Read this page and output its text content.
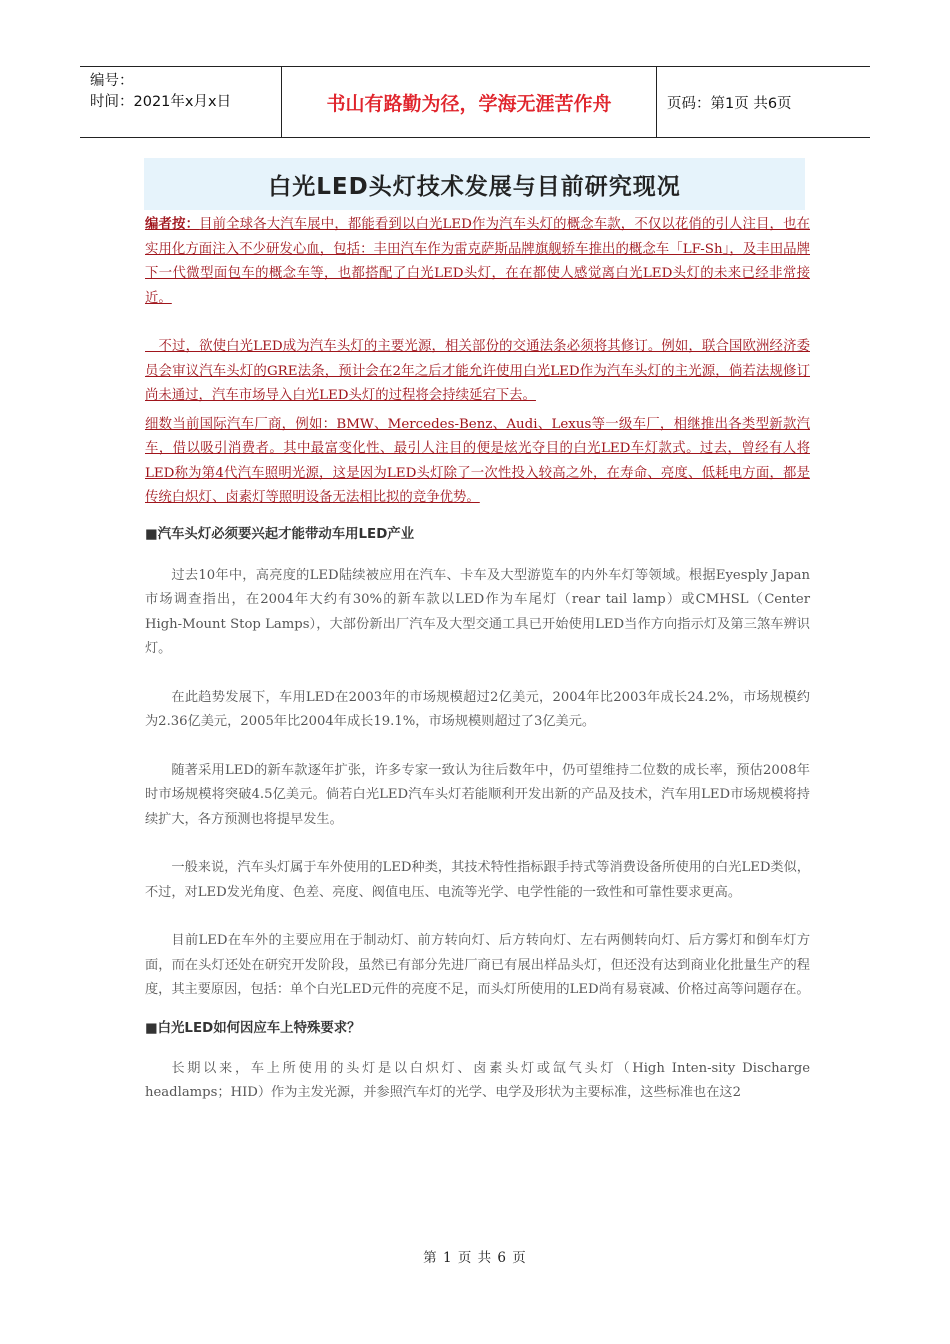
编号：
时间：2021年x月x日	书山有路勤为径，学海无涯苦作舟	页码：第1页 共6页
白光LED头灯技术发展与目前研究现况

编者按：目前全球各大汽车展中，都能看到以白光LED作为汽车头灯的概念车款，不仅以花俏的引人注目，也在实用化方面注入不少研发心血，包括：丰田汽车作为雷克萨斯品牌旗舰轿车推出的概念车「LF-Sh」，及丰田品牌下一代微型面包车的概念车等，也都搭配了白光LED头灯，在在都使人感觉离白光LED头灯的未来已经非常接近。

　不过，欲使白光LED成为汽车头灯的主要光源，相关部份的交通法条必须将其修订。例如，联合国欧洲经济委员会审议汽车头灯的GRE法条，预计会在2年之后才能允许使用白光LED作为汽车头灯的主光源，倘若法规修订尚未通过，汽车市场导入白光LED头灯的过程将会持续延宕下去。

细数当前国际汽车厂商，例如：BMW、Mercedes-Benz、Audi、Lexus等一级车厂，相继推出各类型新款汽车，借以吸引消费者。其中最富变化性、最引人注目的便是炫光夺目的白光LED车灯款式。过去，曾经有人将LED称为第4代汽车照明光源，这是因为LED头灯除了一次性投入较高之外，在寿命、亮度、低耗电方面，都是传统白炽灯、卤素灯等照明设备无法相比拟的竞争优势。

■汽车头灯必须要兴起才能带动车用LED产业

过去10年中，高亮度的LED陆续被应用在汽车、卡车及大型游览车的内外车灯等领域。根据Eyesply Japan市场调查指出，在2004年大约有30%的新车款以LED作为车尾灯（rear tail lamp）或CMHSL（Center High-Mount Stop Lamps），大部份新出厂汽车及大型交通工具已开始使用LED当作方向指示灯及第三煞车辨识灯。

在此趋势发展下，车用LED在2003年的市场规模超过2亿美元，2004年比2003年成长24.2%，市场规模约为2.36亿美元，2005年比2004年成长19.1%，市场规模则超过了3亿美元。

随著采用LED的新车款逐年扩张，许多专家一致认为往后数年中，仍可望维持二位数的成长率，预估2008年时市场规模将突破4.5亿美元。倘若白光LED汽车头灯若能顺利开发出新的产品及技术，汽车用LED市场规模将持续扩大，各方预测也将提早发生。

一般来说，汽车头灯属于车外使用的LED种类，其技术特性指标跟手持式等消费设备所使用的白光LED类似，不过，对LED发光角度、色差、亮度、阀值电压、电流等光学、电学性能的一致性和可靠性要求更高。

目前LED在车外的主要应用在于制动灯、前方转向灯、后方转向灯、左右两侧转向灯、后方雾灯和倒车灯方面，而在头灯还处在研究开发阶段，虽然已有部分先进厂商已有展出样品头灯，但还没有达到商业化批量生产的程度，其主要原因，包括：单个白光LED元件的亮度不足，而头灯所使用的LED尚有易衰减、价格过高等问题存在。

■白光LED如何因应车上特殊要求？

长期以来，车上所使用的头灯是以白炽灯、卤素头灯或氙气头灯（High Inten-sity Discharge headlamps；HID）作为主发光源，并参照汽车灯的光学、电学及形状为主要标准，这些标准也在这2

第 1 页 共 6 页
